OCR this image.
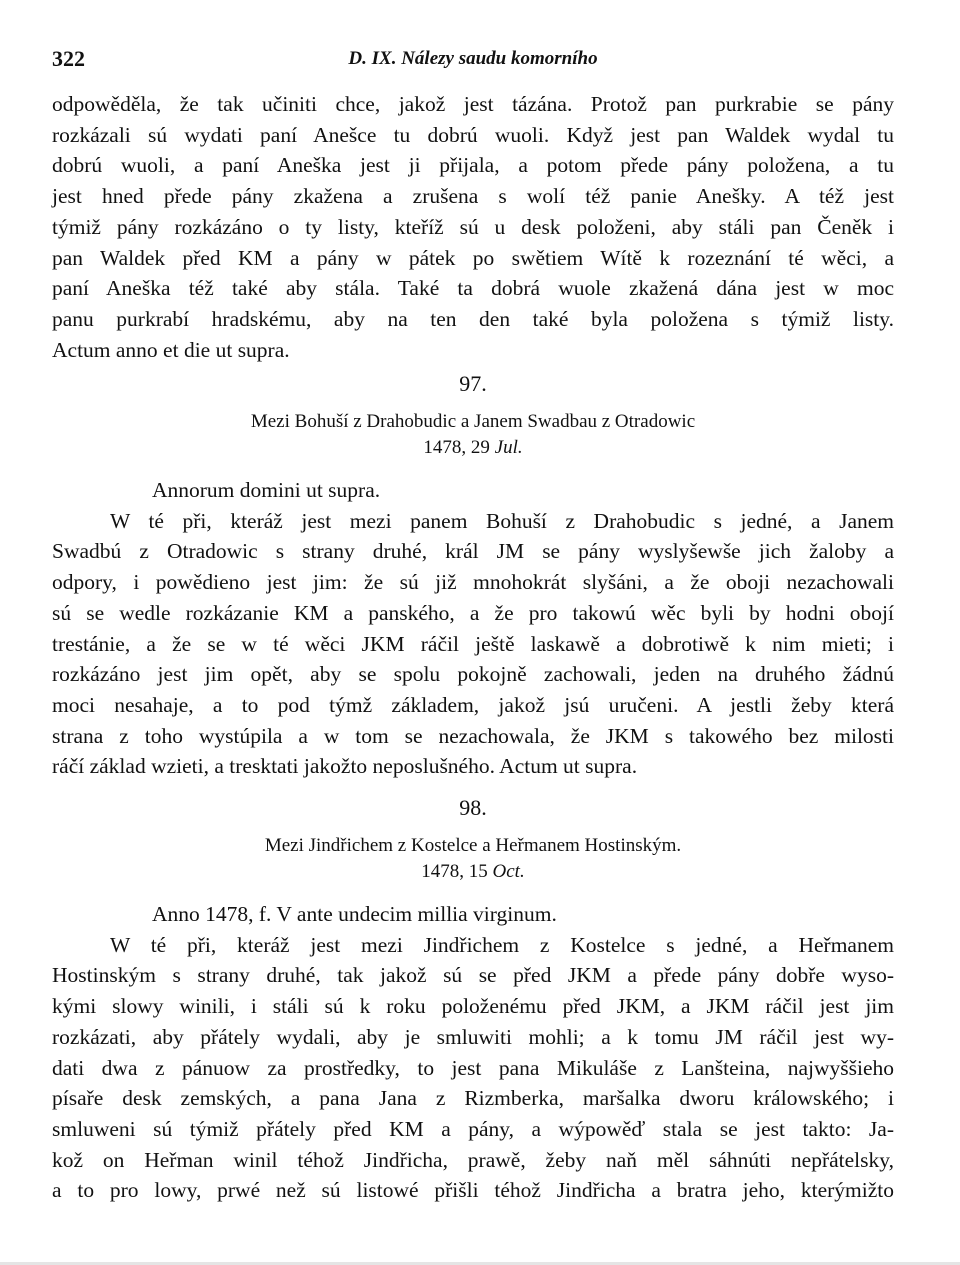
322	D. IX. Nálezy saudu komorního
odpowěděla, že tak učiniti chce, jakož jest tázána. Protož pan purkrabie se pány
rozkázali sú wydati paní Anešce tu dobrú wuoli. Když jest pan Waldek wydal tu
dobrú wuoli, a paní Aneška jest ji přijala, a potom přede pány položena, a tu
jest hned přede pány zkažena a zrušena s wolí též panie Anešky. A též jest
týmiž pány rozkázáno o ty listy, kteříž sú u desk položeni, aby stáli pan Čeněk i
pan Waldek před KM a pány w pátek po swětiem Wítě k rozeznání té wěci, a
paní Aneška též také aby stála. Také ta dobrá wuole zkažená dána jest w moc
panu purkrabí hradskému, aby na ten den také byla položena s týmiž listy.
Actum anno et die ut supra.
97.
Mezi Bohuší z Drahobudic a Janem Swadbau z Otradowic
1478, 29 Jul.
Annorum domini ut supra.
W té při, kteráž jest mezi panem Bohuší z Drahobudic s jedné, a Janem
Swadbú z Otradowic s strany druhé, král JM se pány wyslyšewše jich žaloby a
odpory, i powědieno jest jim: že sú již mnohokrát slyšáni, a že oboji nezachowali
sú se wedle rozkázanie KM a panského, a že pro takowú wěc byli by hodni obojí
trestánie, a že se w té wěci JKM ráčil ještě laskawě a dobrotiwě k nim mieti; i
rozkázáno jest jim opět, aby se spolu pokojně zachowali, jeden na druhého žádnú
moci nesahaje, a to pod týmž základem, jakož jsú uručeni. A jestli žeby která
strana z toho wystúpila a w tom se nezachowala, že JKM s takowého bez milosti
ráčí základ wzieti, a tresktati jakožto neposlušného. Actum ut supra.
98.
Mezi Jindřichem z Kostelce a Heřmanem Hostinským.
1478, 15 Oct.
Anno 1478, f. V ante undecim millia virginum.
W té při, kteráž jest mezi Jindřichem z Kostelce s jedné, a Heřmanem
Hostinským s strany druhé, tak jakož sú se před JKM a přede pány dobře wyso-
kými slowy winili, i stáli sú k roku položenému před JKM, a JKM ráčil jest jim
rozkázati, aby přátely wydali, aby je smluwiti mohli; a k tomu JM ráčil jest wy-
dati dwa z pánuow za prostředky, to jest pana Mikuláše z Lanšteina, najwyššieho
písaře desk zemských, a pana Jana z Rizmberka, maršalka dworu králowského; i
smluweni sú týmiž přátely před KM a pány, a wýpowěď stala se jest takto: Ja-
kož on Heřman winil téhož Jindřicha, prawě, žeby naň měl sáhnúti nepřátelsky,
a to pro lowy, prwé než sú listowé přišli téhož Jindřicha a bratra jeho, kterýmižto
